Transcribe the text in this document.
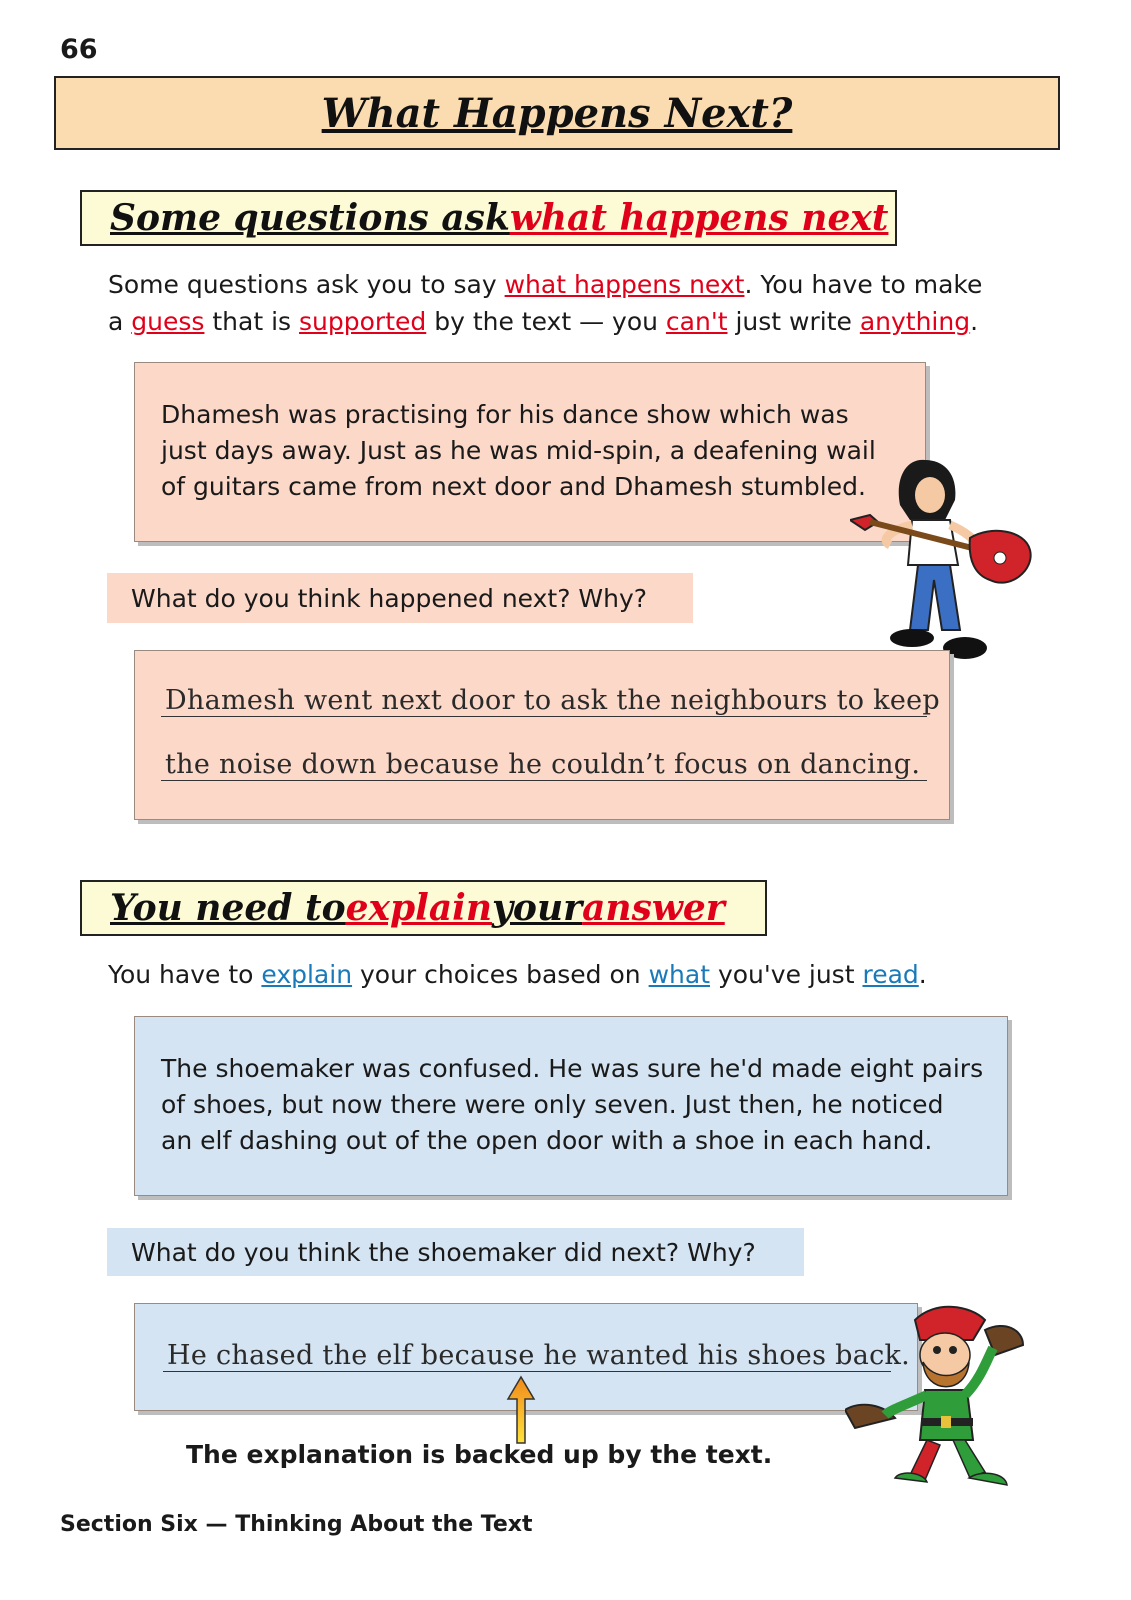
66
What Happens Next?
Some questions ask what happens next
Some questions ask you to say what happens next. You have to make
a guess that is supported by the text — you can't just write anything.

Dhamesh was practising for his dance show which was

just days away. Just as he was mid-spin, a deafening wail

of guitars came from next door and Dhamesh stumbled.

What do you think happened next? Why?
Dhamesh went next door to ask the neighbours to keep
the noise down because he couldn’t focus on dancing.
You need to explain your answer
You have to explain your choices based on what you've just read.

The shoemaker was confused. He was sure he'd made eight pairs

of shoes, but now there were only seven. Just then, he noticed

an elf dashing out of the open door with a shoe in each hand.

What do you think the shoemaker did next? Why?
He chased the elf because he wanted his shoes back.
The explanation is backed up by the text.
Section Six — Thinking About the Text
